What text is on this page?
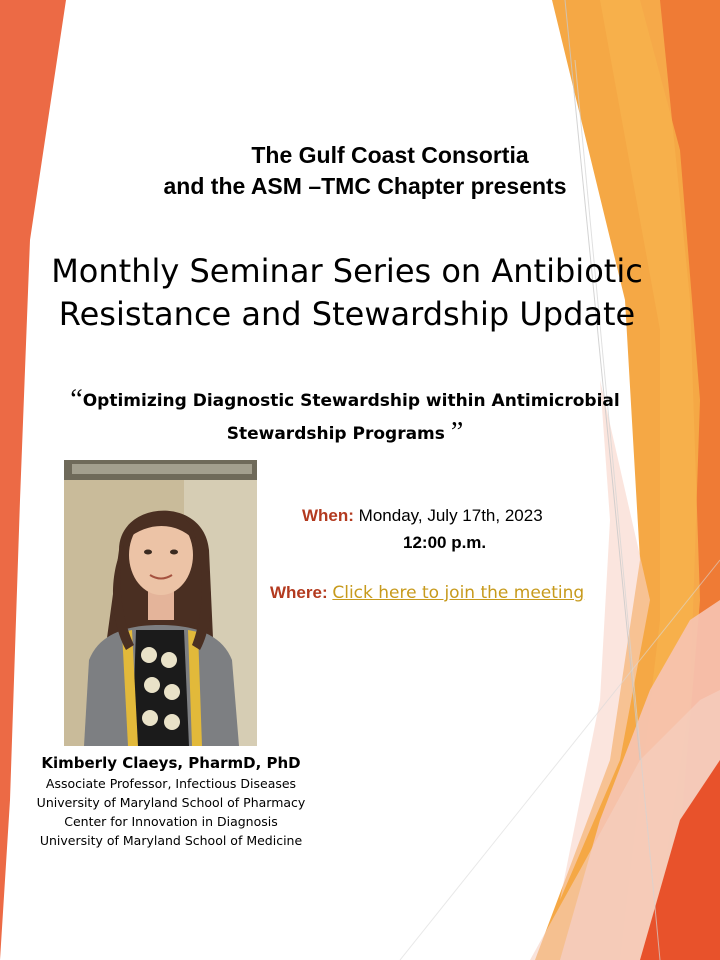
The Gulf Coast Consortia
and the ASM –TMC Chapter presents
Monthly Seminar Series on Antibiotic
Resistance and Stewardship Update
“Optimizing Diagnostic Stewardship within Antimicrobial
Stewardship Programs ”
When: Monday, July 17th, 2023
12:00 p.m.
Where: Click here to join the meeting
Kimberly Claeys, PharmD, PhD
Associate Professor, Infectious Diseases
University of Maryland School of Pharmacy
Center for Innovation in Diagnosis
University of Maryland School of Medicine
